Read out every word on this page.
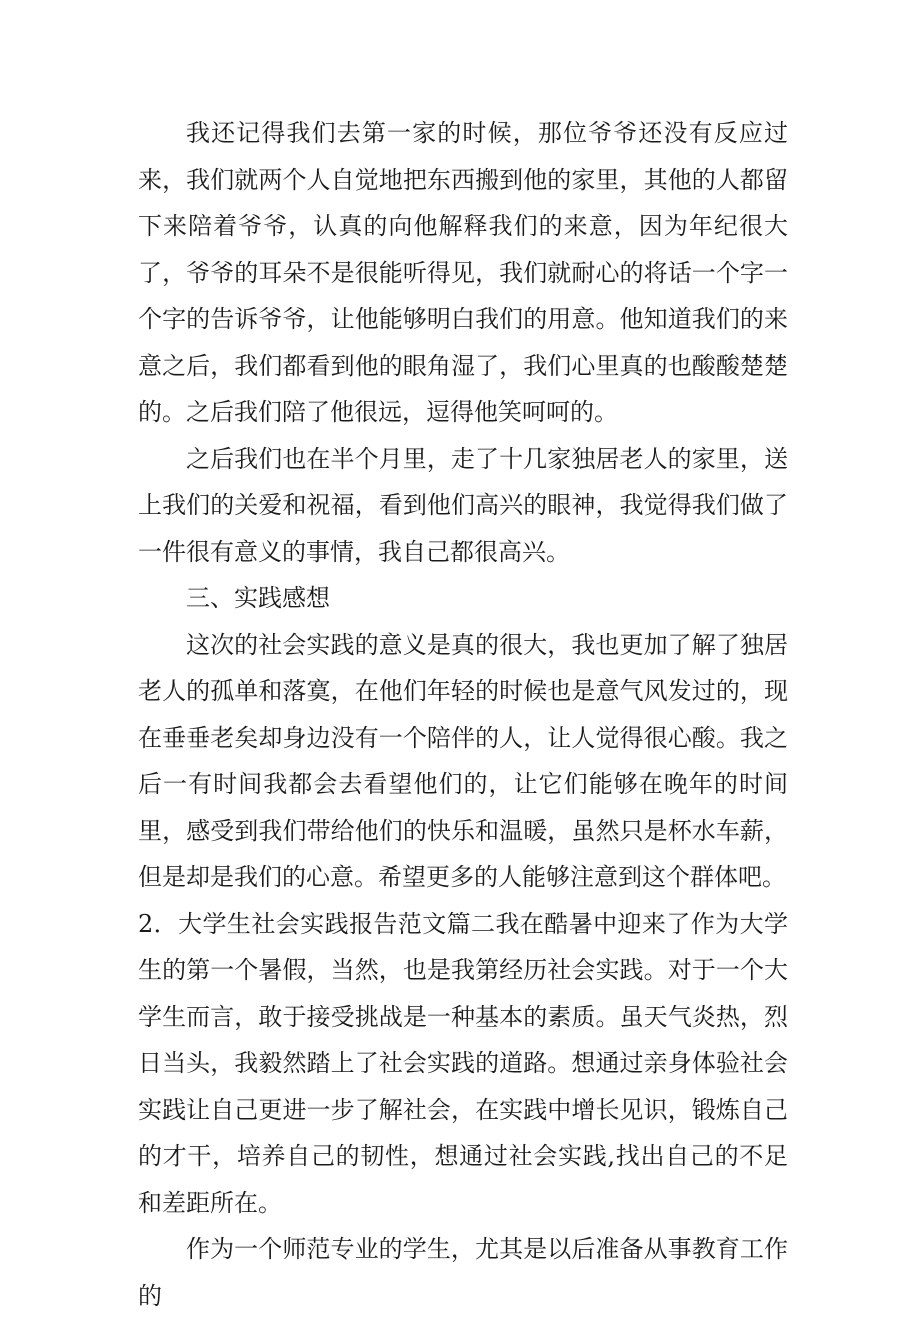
我还记得我们去第一家的时候，那位爷爷还没有反应过来，我们就两个人自觉地把东西搬到他的家里，其他的人都留下来陪着爷爷，认真的向他解释我们的来意，因为年纪很大了，爷爷的耳朵不是很能听得见，我们就耐心的将话一个字一个字的告诉爷爷，让他能够明白我们的用意。他知道我们的来意之后，我们都看到他的眼角湿了，我们心里真的也酸酸楚楚的。之后我们陪了他很远，逗得他笑呵呵的。

之后我们也在半个月里，走了十几家独居老人的家里，送上我们的关爱和祝福，看到他们高兴的眼神，我觉得我们做了一件很有意义的事情，我自己都很高兴。

三、实践感想

这次的社会实践的意义是真的很大，我也更加了解了独居老人的孤单和落寞，在他们年轻的时候也是意气风发过的，现在垂垂老矣却身边没有一个陪伴的人，让人觉得很心酸。我之后一有时间我都会去看望他们的，让它们能够在晚年的时间里，感受到我们带给他们的快乐和温暖，虽然只是杯水车薪，但是却是我们的心意。希望更多的人能够注意到这个群体吧。

2．大学生社会实践报告范文篇二我在酷暑中迎来了作为大学生的第一个暑假，当然，也是我第经历社会实践。对于一个大学生而言，敢于接受挑战是一种基本的素质。虽天气炎热，烈日当头，我毅然踏上了社会实践的道路。想通过亲身体验社会实践让自己更进一步了解社会，在实践中增长见识，锻炼自己的才干，培养自己的韧性，想通过社会实践,找出自己的不足和差距所在。

作为一个师范专业的学生，尤其是以后准备从事教育工作的
